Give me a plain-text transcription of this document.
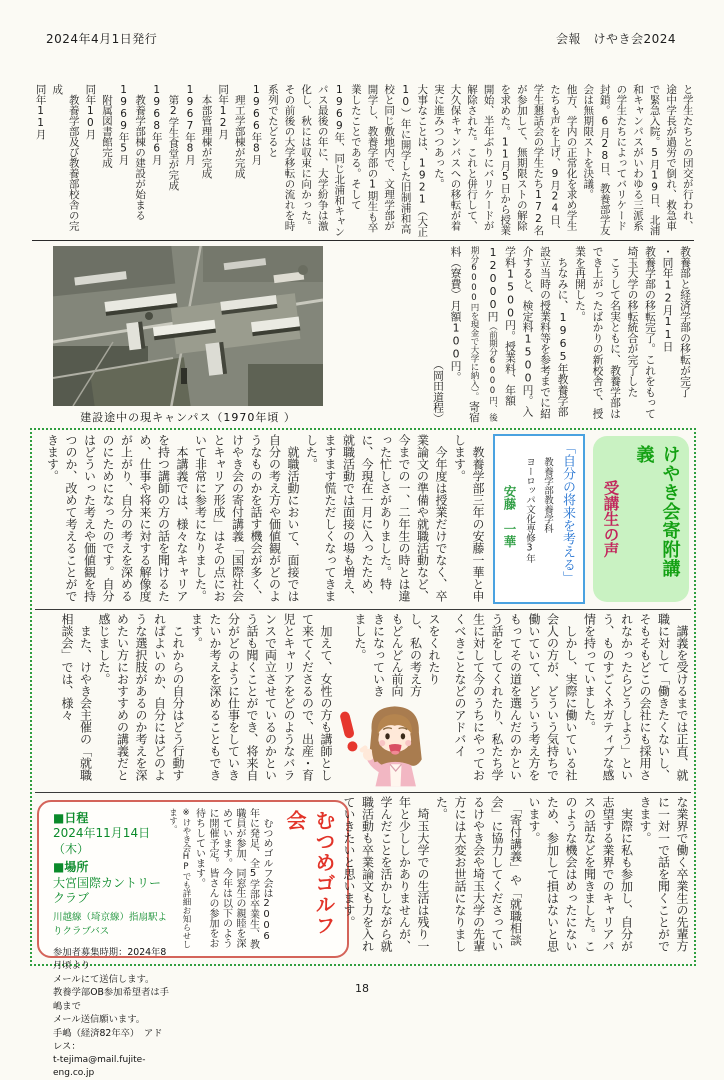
2024年4月1日発行	会報　けやき会2024
と学生たちとの団交が行われ、途中学長が過労で倒れ、救急車で緊急入院。5月19日、北浦和キャンパスがいわゆる三派系の学生たちによってバリケード封鎖。6月28日、教養部学友会は無期限ストを決議。
他方、学内の正常化を求め学生たちも声を上げ、9月24日、学生懇話会の学生たち172名が参加して、無期限ストの解除を求めた。11月5日から授業開始、半年ぶりにバリケードが解除された。これと併行して、大久保キャンパスへの移転が着実に進みつつあった。
大事なことは、1921（大正10）年に開学した旧制浦和高校と同じ敷地内で、文理学部が開学し、教養学部の1期生も卒業したことである。そして1969年、同じ北浦和キャンパス最後の年に、大学紛争は激化し、秋には収束に向かった。その前後の大学移転の流れを時系列でたどると
1966年8月
　理工学部棟が完成
同年12月
　本部管理棟が完成
1967年8月
　第2学生食堂が完成
1968年6月
　教養学部棟の建設が始まる
1969年5月
　附属図書館完成
同年10月
　教養学部及び教養部校舎の完成
同年11月
教養部と経済学部の移転が完了
・同年12月11日
教養学部の移転完了。これをもって埼玉大学の移転統合が完了した
　こうして名実ともに、教養学部はでき上がったばかりの新校舎で、授業を再開した。
　ちなみに、1965年教養学部設立当時の授業料等を参考までに紹介すると、検定料1500円。入学料1500円。授業料、年額12000円（前期分6000円、後期分6000円を現金で大学に納入）。寄宿料（寮費）月額100円。
（岡田道程）
建設途中の現キャンパス（1970年頃 ）
けやき会寄附講義
受講生の声
「自分の将来を考える」
教養学部教養学科
ヨーロッパ文化専修3年
安藤　一華
　教養学部三年の安藤一華と申します。
　今年度は授業だけでなく、卒業論文の準備や就職活動など、今までの一、二年生の時とは違った忙しさがありました。特に、今現在一月に入ったため、就職活動では面接の場も増え、ますます慌ただしくなってきました。
　就職活動において、面接では自分の考え方や価値観がどのようなものかを話す機会が多く、けやき会の寄付講義「国際社会とキャリア形成」はその点において非常に参考になりました。
　本講義では、様々なキャリアを持つ講師の方の話を聞けるため、仕事や将来に対する解像度が上がり、自分の考えを深めるのにためになったのです。自分はどういった考えや価値観を持つのか、改めて考えることができます。
　講義を受けるまでは正直、就職に対して「働きたくないし、そもそもどこの会社にも採用されなかったらどうしよう」という、ものすごくネガティブな感情を持っていました。
　しかし、実際に働いている社会人の方が、どういう気持ちで働いていて、どういう考え方をもってその道を選んだのかという話をしてくれたり、私たち学生に対して今のうちにやっておくべきことなどのアドバイ
スをくれたりし、私の考え方もどんどん前向きになっていきました。
　加えて、女性の方も講師として来てくださるので、出産・育児とキャリアをどのようなバランスで両立させているのかという話も聞くことができ、将来自分がどのように仕事をしていきたいか考えを深めることもできます。
　これからの自分はどう行動すればよいのか、自分にはどのような選択肢があるのか考えを深めたい方におすすめの講義だと感じました。
　また、けやき会主催の「就職相談会」では、様々
な業界で働く卒業生の先輩方に一対一で話を聞くことができます。
　実際に私も参加し、自分が志望する業界でのキャリアパスの話などを聞きました。このような機会はめったにないため、参加して損はないと思います。
　「寄付講義」や「就職相談会」に協力してくださっているけやき会や埼玉大学の先輩方には大変お世話になりました。
　埼玉大学での生活は残り一年と少ししかありませんが、学んだことを活かしながら就職活動も卒業論文も力を入れていきたいと思います。
むつめゴルフ会
　むつめゴルフ会は2006年に発足、全5学部卒業生、教職員が参加、同窓生の親睦を深めています。今年は以下のように開催予定。皆さんの参加をお待ちしています。
※けやき会HPでも詳細お知らせします。
■日程
2024年11月14日（木）
■場所
大宮国際カントリークラブ
川越線（埼京線）指扇駅よりクラブバス
参加者募集時期：2024年8月頃より
メールにて送信します。
教養学部OB参加希望者は手嶋まで
メール送信願います。
手嶋（経済82年卒）　アドレス：
t-tejima@mail.fujite-eng.co.jp
18
